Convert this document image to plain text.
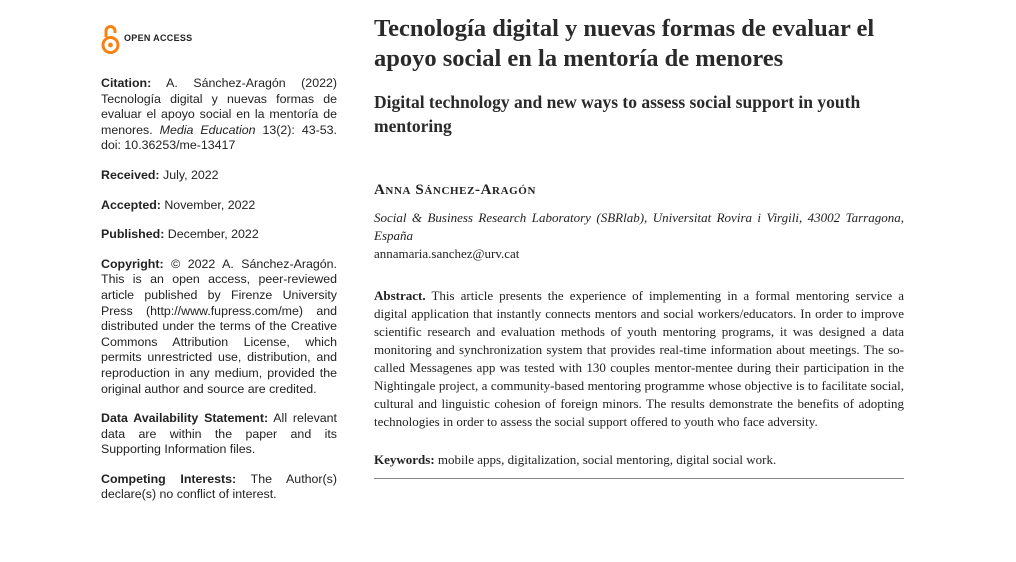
OPEN ACCESS

Citation: A. Sánchez-Aragón (2022) Tecnología digital y nuevas formas de evaluar el apoyo social en la mentoría de menores. Media Education 13(2): 43-53. doi: 10.36253/me-13417

Received: July, 2022

Accepted: November, 2022

Published: December, 2022

Copyright: © 2022 A. Sánchez-Aragón. This is an open access, peer-reviewed article published by Firenze University Press (http://www.fupress.com/me) and distributed under the terms of the Creative Commons Attribution License, which permits unrestricted use, distribution, and reproduction in any medium, provided the original author and source are credited.

Data Availability Statement: All relevant data are within the paper and its Supporting Information files.

Competing Interests: The Author(s) declare(s) no conflict of interest.

Tecnología digital y nuevas formas de evaluar el apoyo social en la mentoría de menores
Digital technology and new ways to assess social support in youth mentoring
Anna Sánchez-Aragón
Social & Business Research Laboratory (SBRlab), Universitat Rovira i Virgili, 43002 Tarragona, España
annamaria.sanchez@urv.cat
Abstract. This article presents the experience of implementing in a formal mentoring service a digital application that instantly connects mentors and social workers/educators. In order to improve scientific research and evaluation methods of youth mentoring programs, it was designed a data monitoring and synchronization system that provides real-time information about meetings. The so-called Messagenes app was tested with 130 couples mentor-mentee during their participation in the Nightingale project, a community-based mentoring programme whose objective is to facilitate social, cultural and linguistic cohesion of foreign minors. The results demonstrate the benefits of adopting technologies in order to assess the social support offered to youth who face adversity.
Keywords: mobile apps, digitalization, social mentoring, digital social work.
